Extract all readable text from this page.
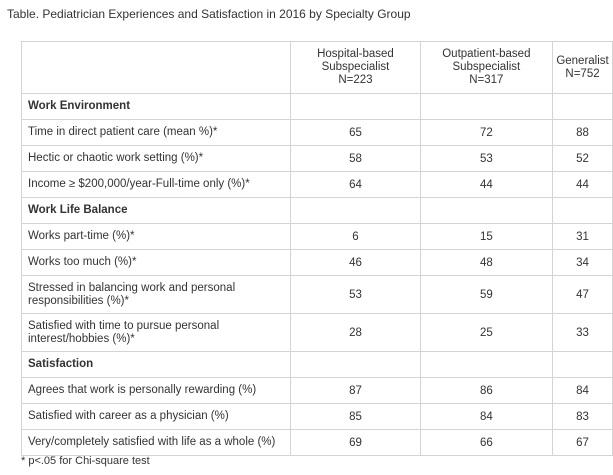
Table. Pediatrician Experiences and Satisfaction in 2016 by Specialty Group
	Hospital-based
Subspecialist
N=223	Outpatient-based
Subspecialist
N=317	Generalist
N=752
Work Environment			
Time in direct patient care (mean %)*	65	72	88
Hectic or chaotic work setting (%)*	58	53	52
Income ≥ $200,000/year-Full-time only (%)*	64	44	44
Work Life Balance			
Works part-time (%)*	6	15	31
Works too much (%)*	46	48	34
Stressed in balancing work and personal responsibilities (%)*	53	59	47
Satisfied with time to pursue personal interest/hobbies (%)*	28	25	33
Satisfaction			
Agrees that work is personally rewarding (%)	87	86	84
Satisfied with career as a physician (%)	85	84	83
Very/completely satisfied with life as a whole (%)	69	66	67
* p<.05 for Chi-square test
